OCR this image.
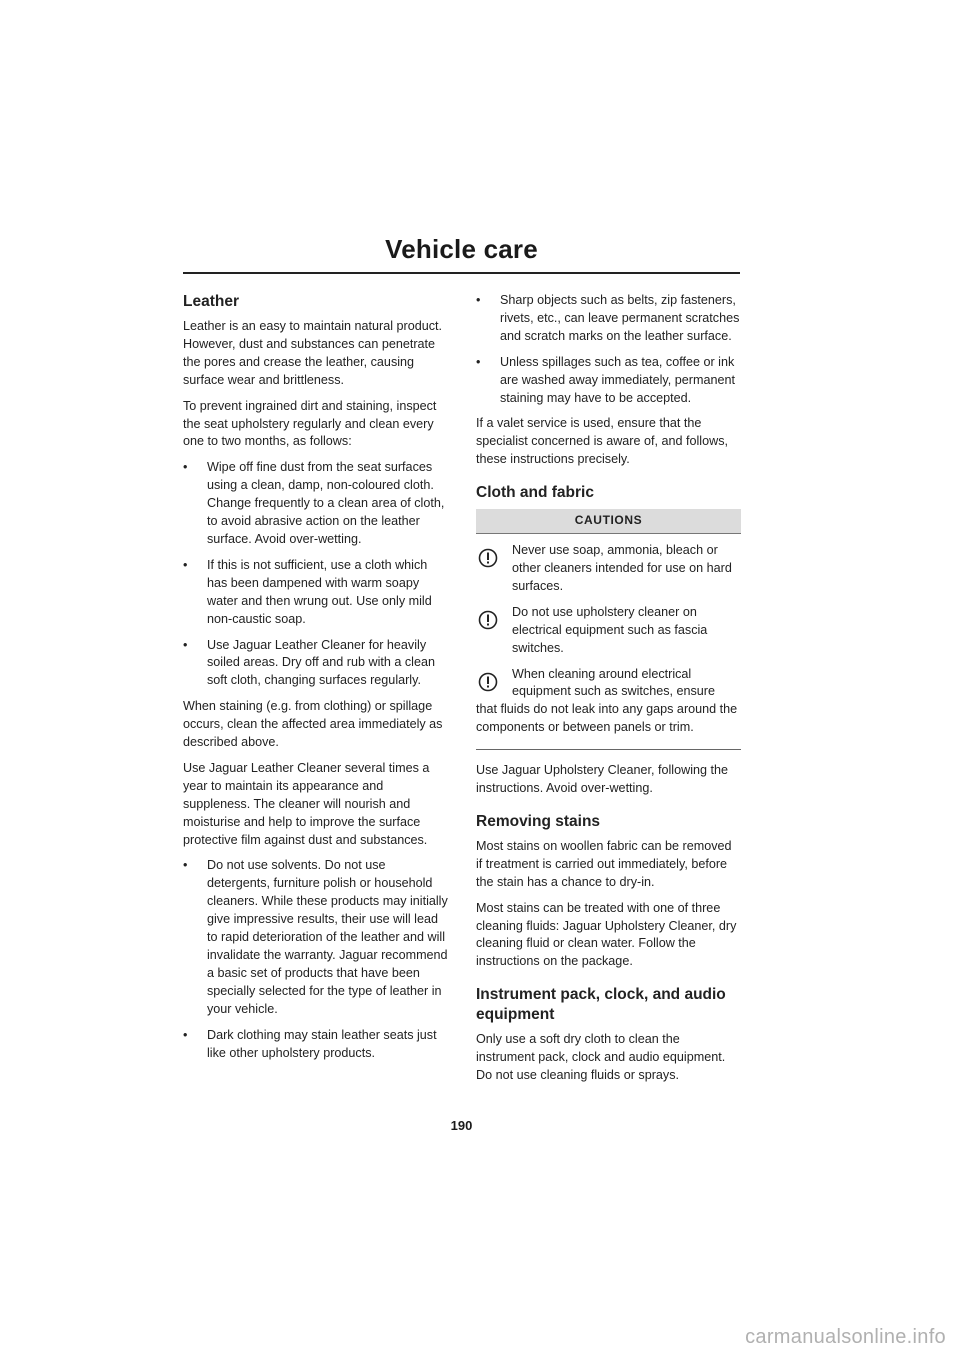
Vehicle care
Leather

Leather is an easy to maintain natural product. However, dust and substances can penetrate the pores and crease the leather, causing surface wear and brittleness.

To prevent ingrained dirt and staining, inspect the seat upholstery regularly and clean every one to two months, as follows:

•	Wipe off fine dust from the seat surfaces using a clean, damp, non-coloured cloth. Change frequently to a clean area of cloth, to avoid abrasive action on the leather surface. Avoid over-wetting.
•	If this is not sufficient, use a cloth which has been dampened with warm soapy water and then wrung out. Use only mild non-caustic soap.
•	Use Jaguar Leather Cleaner for heavily soiled areas. Dry off and rub with a clean soft cloth, changing surfaces regularly.

When staining (e.g. from clothing) or spillage occurs, clean the affected area immediately as described above.

Use Jaguar Leather Cleaner several times a year to maintain its appearance and suppleness. The cleaner will nourish and moisturise and help to improve the surface protective film against dust and substances.

•	Do not use solvents. Do not use detergents, furniture polish or household cleaners. While these products may initially give impressive results, their use will lead to rapid deterioration of the leather and will invalidate the warranty. Jaguar recommend a basic set of products that have been specially selected for the type of leather in your vehicle.
•	Dark clothing may stain leather seats just like other upholstery products.
•	Sharp objects such as belts, zip fasteners, rivets, etc., can leave permanent scratches and scratch marks on the leather surface.
•	Unless spillages such as tea, coffee or ink are washed away immediately, permanent staining may have to be accepted.

If a valet service is used, ensure that the specialist concerned is aware of, and follows, these instructions precisely.

Cloth and fabric
CAUTIONS
Never use soap, ammonia, bleach or other cleaners intended for use on hard surfaces.
Do not use upholstery cleaner on electrical equipment such as fascia switches.
When cleaning around electrical equipment such as switches, ensure
that fluids do not leak into any gaps around the components or between panels or trim.

Use Jaguar Upholstery Cleaner, following the instructions. Avoid over-wetting.

Removing stains

Most stains on woollen fabric can be removed if treatment is carried out immediately, before the stain has a chance to dry-in.

Most stains can be treated with one of three cleaning fluids: Jaguar Upholstery Cleaner, dry cleaning fluid or clean water. Follow the instructions on the package.

Instrument pack, clock, and audio equipment

Only use a soft dry cloth to clean the instrument pack, clock and audio equipment. Do not use cleaning fluids or sprays.

190
carmanualsonline.info
